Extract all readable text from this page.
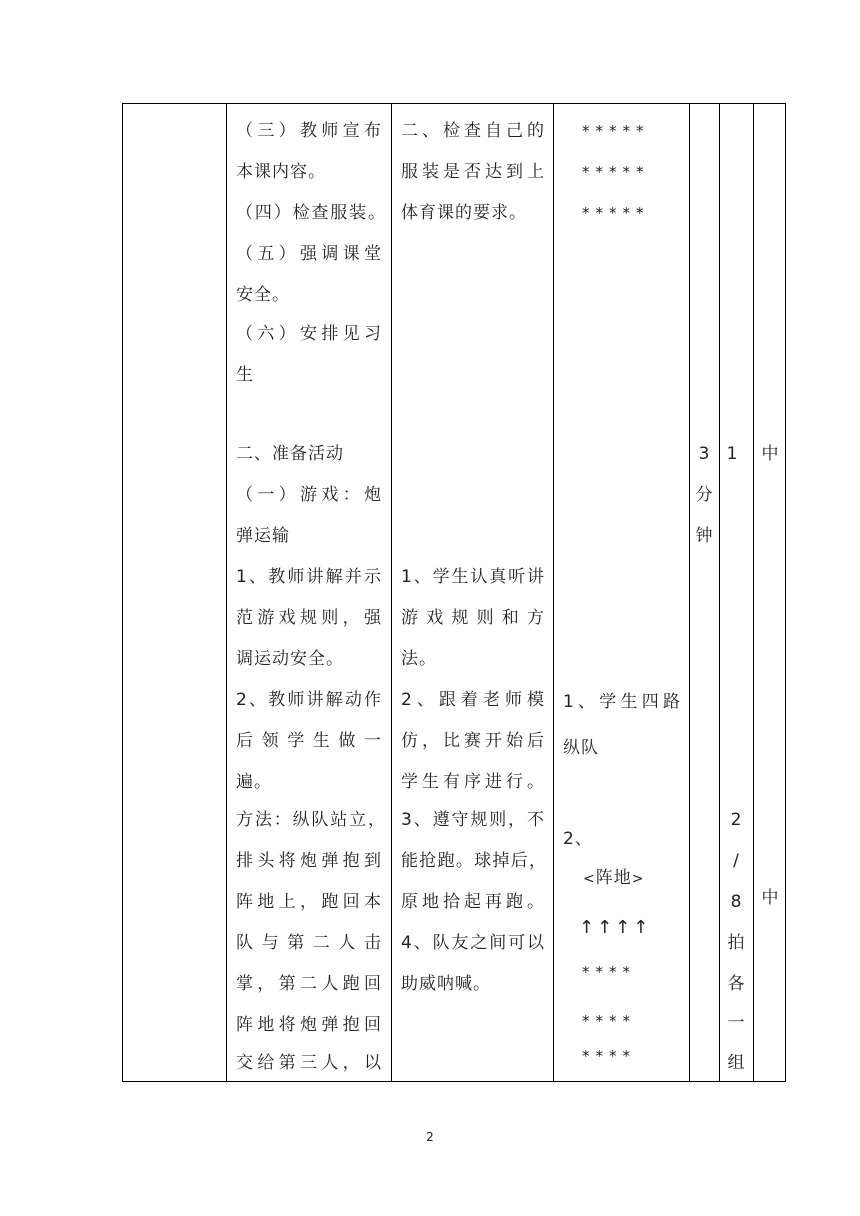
（三）教师宣布
本课内容。
（四）检查服装。
（五）强调课堂
安全。
（六）安排见习
生
二、准备活动
（一）游戏：炮
弹运输
1、教师讲解并示
范游戏规则，强
调运动安全。
2、教师讲解动作
后领学生做一
遍。
方法：纵队站立，
排头将炮弹抱到
阵地上，跑回本
队与第二人击
掌，第二人跑回
阵地将炮弹抱回
交给第三人，以
二、检查自己的
服装是否达到上
体育课的要求。
1、学生认真听讲
游戏规则和方
法。
2、跟着老师模
仿，比赛开始后
学生有序进行。
3、遵守规则，不
能抢跑。球掉后，
原地拾起再跑。
4、队友之间可以
助威呐喊。
*****
*****
*****
1、学生四路
纵队
2、
<阵地>
↑↑↑↑
****
****
****
3
分
钟
1
2
/
8
拍
各
一
组
中
中
2
